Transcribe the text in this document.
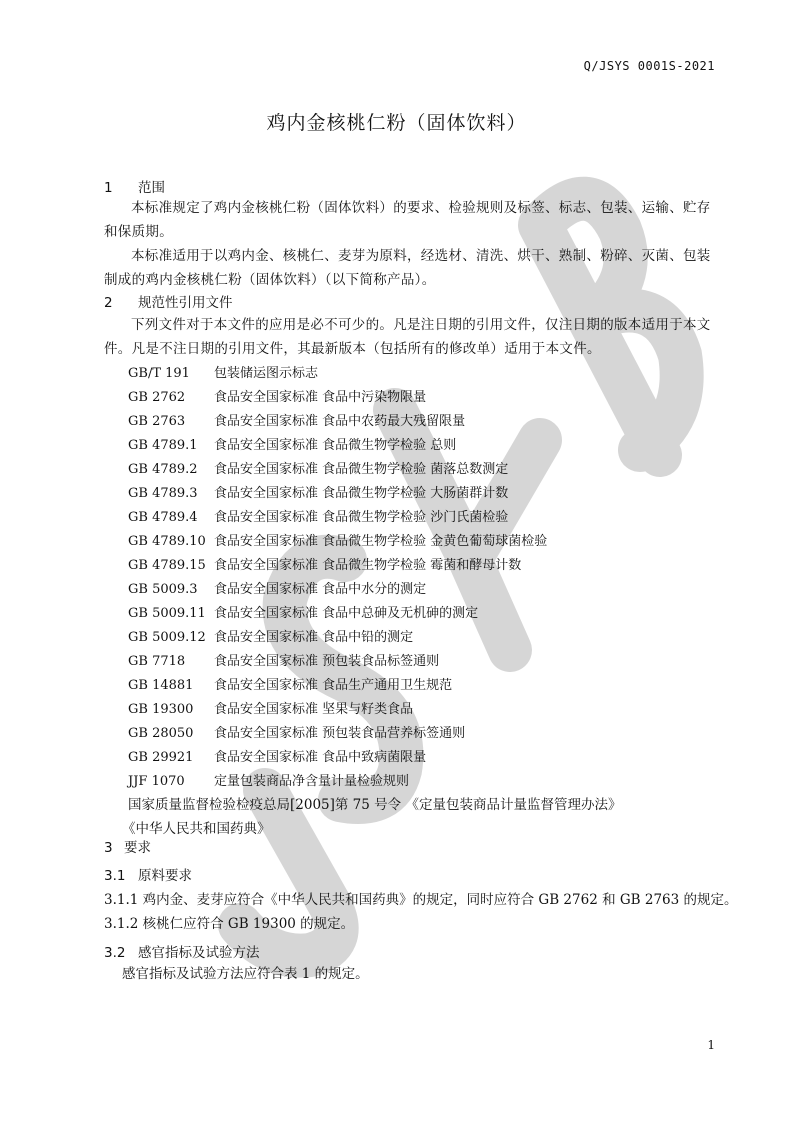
Q/JSYS 0001S-2021
鸡内金核桃仁粉（固体饮料）
1 范围
本标准规定了鸡内金核桃仁粉（固体饮料）的要求、检验规则及标签、标志、包装、运输、贮存和保质期。
本标准适用于以鸡内金、核桃仁、麦芽为原料，经选材、清洗、烘干、熟制、粉碎、灭菌、包装制成的鸡内金核桃仁粉（固体饮料）（以下简称产品）。
2 规范性引用文件
下列文件对于本文件的应用是必不可少的。凡是注日期的引用文件，仅注日期的版本适用于本文件。凡是不注日期的引用文件，其最新版本（包括所有的修改单）适用于本文件。
GB/T 191 包装储运图示标志
GB 2762 食品安全国家标准 食品中污染物限量
GB 2763 食品安全国家标准 食品中农药最大残留限量
GB 4789.1 食品安全国家标准 食品微生物学检验 总则
GB 4789.2 食品安全国家标准 食品微生物学检验 菌落总数测定
GB 4789.3 食品安全国家标准 食品微生物学检验 大肠菌群计数
GB 4789.4 食品安全国家标准 食品微生物学检验 沙门氏菌检验
GB 4789.10 食品安全国家标准 食品微生物学检验 金黄色葡萄球菌检验
GB 4789.15 食品安全国家标准 食品微生物学检验 霉菌和酵母计数
GB 5009.3 食品安全国家标准 食品中水分的测定
GB 5009.11 食品安全国家标准 食品中总砷及无机砷的测定
GB 5009.12 食品安全国家标准 食品中铅的测定
GB 7718 食品安全国家标准 预包装食品标签通则
GB 14881 食品安全国家标准 食品生产通用卫生规范
GB 19300 食品安全国家标准 坚果与籽类食品
GB 28050 食品安全国家标准 预包装食品营养标签通则
GB 29921 食品安全国家标准 食品中致病菌限量
JJF 1070 定量包装商品净含量计量检验规则
国家质量监督检验检疫总局[2005]第 75 号令 《定量包装商品计量监督管理办法》
《中华人民共和国药典》
3 要求
3.1 原料要求
3.1.1 鸡内金、麦芽应符合《中华人民共和国药典》的规定，同时应符合 GB 2762 和 GB 2763 的规定。
3.1.2 核桃仁应符合 GB 19300 的规定。
3.2 感官指标及试验方法
感官指标及试验方法应符合表 1 的规定。
1
